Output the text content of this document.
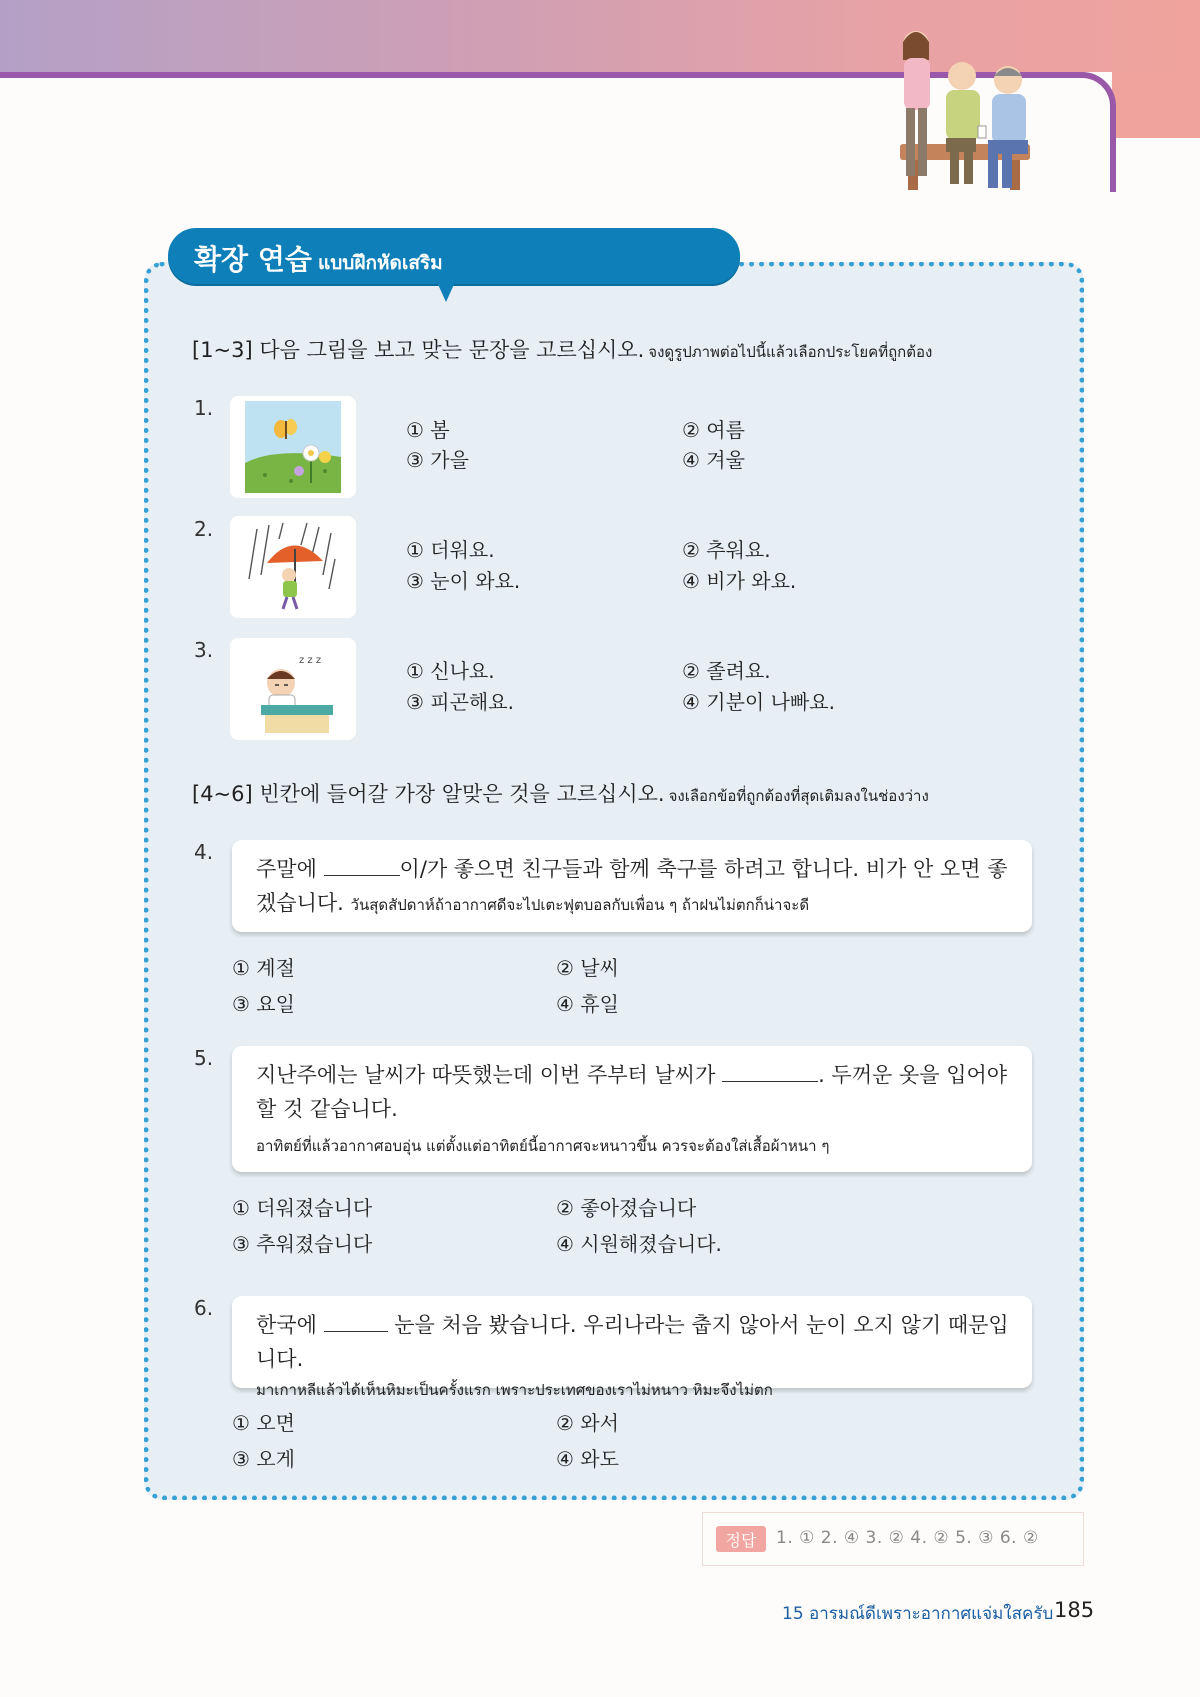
확장 연습 แบบฝึกหัดเสริม
[1~3] 다음 그림을 보고 맞는 문장을 고르십시오. จงดูรูปภาพต่อไปนี้แล้วเลือกประโยคที่ถูกต้อง
1.
① 봄	② 여름
③ 가을	④ 겨울
2.
① 더워요.	② 추워요.
③ 눈이 와요.	④ 비가 와요.
3.	z z z	① 신나요.	② 졸려요.
③ 피곤해요.	④ 기분이 나빠요.
[4~6] 빈칸에 들어갈 가장 알맞은 것을 고르십시오. จงเลือกข้อที่ถูกต้องที่สุดเติมลงในช่องว่าง
4.
주말에	이/가 좋으면 친구들과 함께 축구를 하려고 합니다. 비가 안 오면 좋겠습니다. วันสุดสัปดาห์ถ้าอากาศดีจะไปเตะฟุตบอลกับเพื่อน ๆ ถ้าฝนไม่ตกก็น่าจะดี
① 계절	② 날씨
③ 요일	④ 휴일
5.
지난주에는 날씨가 따뜻했는데 이번 주부터 날씨가	. 두꺼운 옷을 입어야 할 것 같습니다.
อาทิตย์ที่แล้วอากาศอบอุ่น แต่ตั้งแต่อาทิตย์นี้อากาศจะหนาวขึ้น ควรจะต้องใส่เสื้อผ้าหนา ๆ
① 더워졌습니다	② 좋아졌습니다
③ 추워졌습니다	④ 시원해졌습니다.
6.
한국에	눈을 처음 봤습니다. 우리나라는 춥지 않아서 눈이 오지 않기 때문입니다.
มาเกาหลีแล้วได้เห็นหิมะเป็นครั้งแรก เพราะประเทศของเราไม่หนาว หิมะจึงไม่ตก
① 오면	② 와서
③ 오게	④ 와도
정답	1. ① 2. ④ 3. ② 4. ② 5. ③ 6. ②
15 อารมณ์ดีเพราะอากาศแจ่มใสครับ 185
